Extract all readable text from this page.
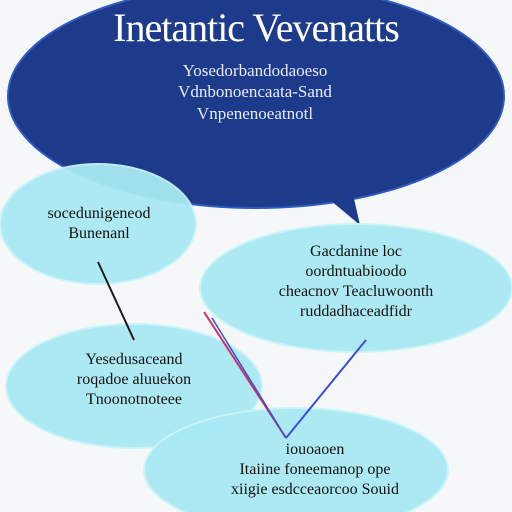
Inetantic Vevenatts
Yosedorbandodaoeso
Vdnbonoencaata-Sand
Vnpenenoeatnotl
socedunigeneod
Bunenanl
Gacdanine loc
oordntuabioodo
cheacnov Teacluwoonth
ruddadhaceadfidr
Yesedusaceand
roqadoe aluuekon
Tnoonotnoteee
iouoaoen
Itaiine foneemanop ope
xiigie esdcceaorcoo Souid
